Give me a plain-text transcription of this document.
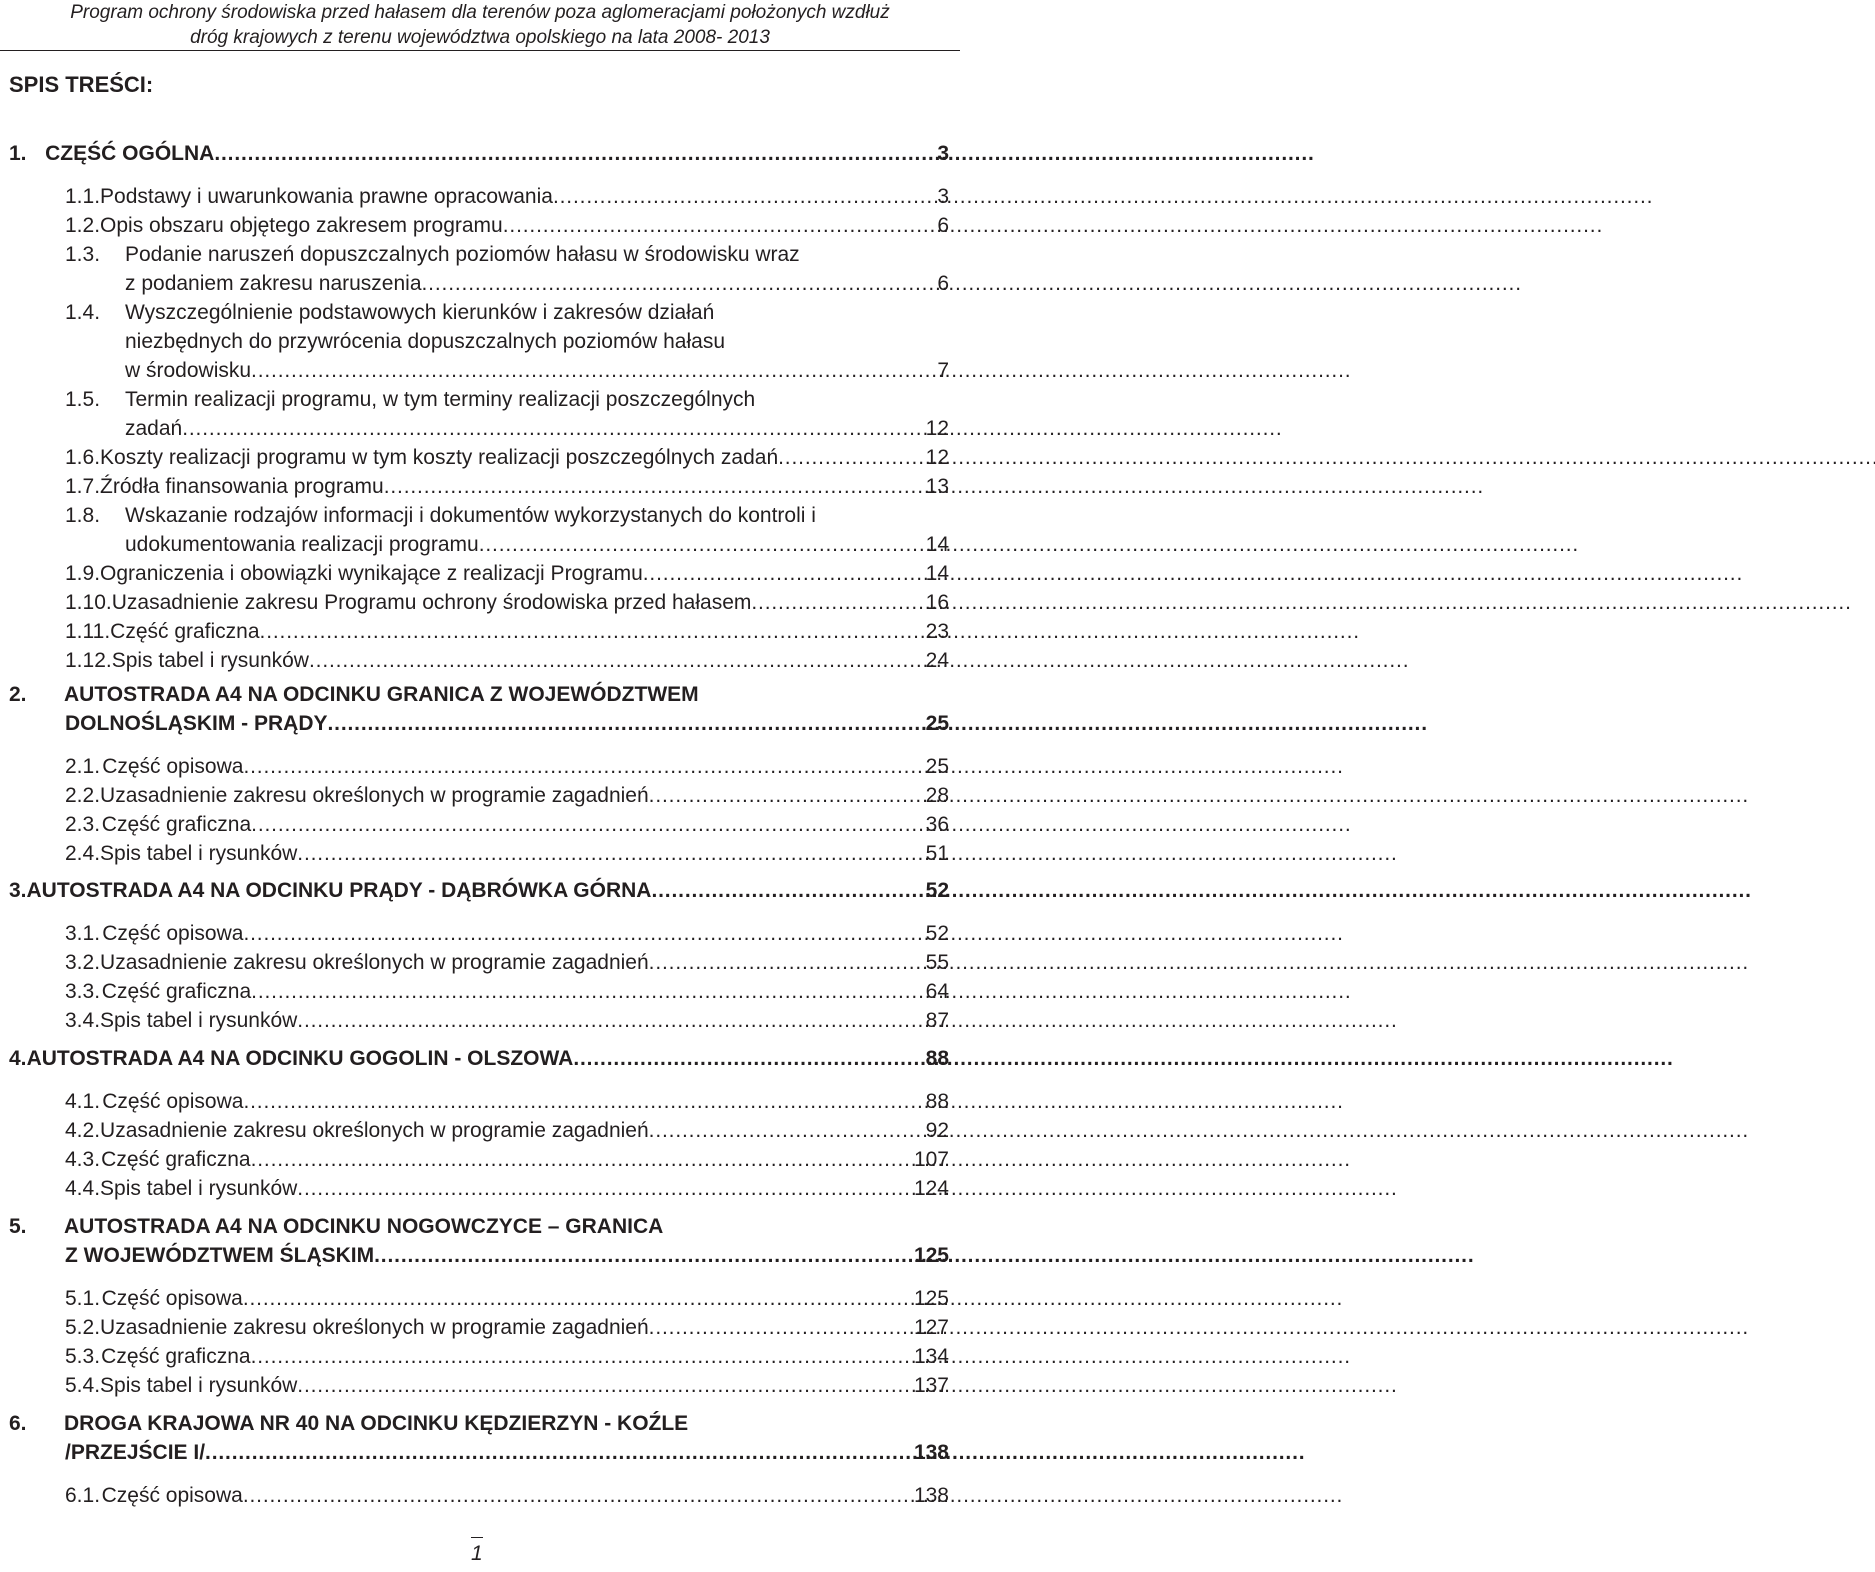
Program ochrony środowiska przed hałasem dla terenów poza aglomeracjami położonych wzdłuż
dróg krajowych z terenu województwa opolskiego na lata 2008- 2013
SPIS TREŚCI:
1. CZĘŚĆ OGÓLNA . . .	3
1.1. Podstawy i uwarunkowania prawne opracowania . . .	3
1.2. Opis obszaru objętego zakresem programu . . .	6
1.3.	Podanie naruszeń dopuszczalnych poziomów hałasu w środowisku wraz
z podaniem zakresu naruszenia . . .	6
1.4.	Wyszczególnienie podstawowych kierunków i zakresów działań
niezbędnych do przywrócenia dopuszczalnych poziomów hałasu
w środowisku . . .	7
1.5.	Termin realizacji programu, w tym terminy realizacji poszczególnych
zadań . . .	12
1.6. Koszty realizacji programu w tym koszty realizacji poszczególnych zadań . . .	12
1.7. Źródła finansowania programu . . .	13
1.8.	Wskazanie rodzajów informacji i dokumentów wykorzystanych do kontroli i
udokumentowania realizacji programu . . .	14
1.9. Ograniczenia i obowiązki wynikające z realizacji Programu . . .	14
1.10. Uzasadnienie zakresu Programu ochrony środowiska przed hałasem . . .	16
1.11. Część graficzna . . .	23
1.12. Spis tabel i rysunków . . .	24
2.	AUTOSTRADA A4 NA ODCINKU GRANICA Z WOJEWÓDZTWEM
DOLNOŚLĄSKIM - PRĄDY . . .	25
2.1. Część opisowa . . .	25
2.2. Uzasadnienie zakresu określonych w programie zagadnień . . .	28
2.3. Część graficzna . . .	36
2.4. Spis tabel i rysunków . . .	51
3. AUTOSTRADA A4 NA ODCINKU PRĄDY - DĄBRÓWKA GÓRNA . . .	52
3.1. Część opisowa . . .	52
3.2. Uzasadnienie zakresu określonych w programie zagadnień . . .	55
3.3. Część graficzna . . .	64
3.4. Spis tabel i rysunków . . .	87
4. AUTOSTRADA A4 NA ODCINKU GOGOLIN - OLSZOWA . . .	88
4.1. Część opisowa . . .	88
4.2. Uzasadnienie zakresu określonych w programie zagadnień . . .	92
4.3. Część graficzna . . .	107
4.4. Spis tabel i rysunków . . .	124
5.	AUTOSTRADA A4 NA ODCINKU NOGOWCZYCE – GRANICA
Z WOJEWÓDZTWEM ŚLĄSKIM . . .	125
5.1. Część opisowa . . .	125
5.2. Uzasadnienie zakresu określonych w programie zagadnień . . .	127
5.3. Część graficzna . . .	134
5.4. Spis tabel i rysunków . . .	137
6.	DROGA KRAJOWA NR 40 NA ODCINKU KĘDZIERZYN - KOŹLE
/PRZEJŚCIE I/ . . .	138
6.1. Część opisowa . . .	138
1
